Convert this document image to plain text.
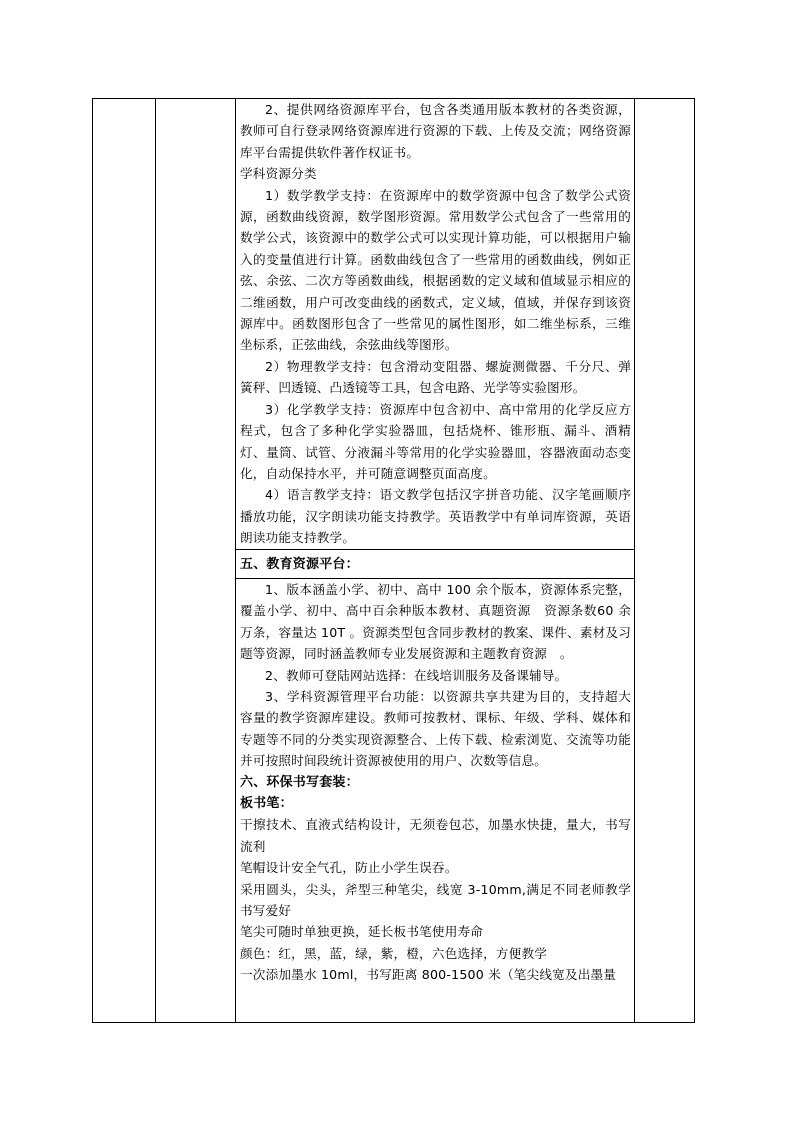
2、提供网络资源库平台，包含各类通用版本教材的各类资源，教师可自行登录网络资源库进行资源的下载、上传及交流；网络资源库平台需提供软件著作权证书。

学科资源分类

1）数学教学支持：在资源库中的数学资源中包含了数学公式资源，函数曲线资源，数学图形资源。常用数学公式包含了一些常用的数学公式，该资源中的数学公式可以实现计算功能，可以根据用户输入的变量值进行计算。函数曲线包含了一些常用的函数曲线，例如正弦、余弦、二次方等函数曲线，根据函数的定义域和值域显示相应的二维函数，用户可改变曲线的函数式，定义域，值域，并保存到该资源库中。函数图形包含了一些常见的属性图形，如二维坐标系，三维坐标系，正弦曲线，余弦曲线等图形。

2）物理教学支持：包含滑动变阻器、螺旋测微器、千分尺、弹簧秤、凹透镜、凸透镜等工具，包含电路、光学等实验图形。

3）化学教学支持：资源库中包含初中、高中常用的化学反应方程式，包含了多种化学实验器皿，包括烧杯、锥形瓶、漏斗、酒精灯、量筒、试管、分液漏斗等常用的化学实验器皿，容器液面动态变化，自动保持水平，并可随意调整页面高度。

4）语言教学支持：语文教学包括汉字拼音功能、汉字笔画顺序播放功能，汉字朗读功能支持教学。英语教学中有单词库资源，英语朗读功能支持教学。

五、教育资源平台：

1、版本涵盖小学、初中、高中 100 余个版本，资源体系完整，覆盖小学、初中、高中百余种版本教材、真题资源　资源条数60 余万条，容量达 10T 。资源类型包含同步教材的教案、课件、素材及习题等资源，同时涵盖教师专业发展资源和主题教育资源　。

2、教师可登陆网站选择：在线培训服务及备课辅导。

3、学科资源管理平台功能：以资源共享共建为目的，支持超大容量的教学资源库建设。教师可按教材、课标、年级、学科、媒体和专题等不同的分类实现资源整合、上传下载、检索浏览、交流等功能 并可按照时间段统计资源被使用的用户、次数等信息。

六、环保书写套装：

板书笔：

干擦技术、直液式结构设计，无须卷包芯，加墨水快捷，量大，书写流利

笔帽设计安全气孔，防止小学生误吞。

采用圆头，尖头，斧型三种笔尖，线宽 3-10mm,满足不同老师教学书写爱好

笔尖可随时单独更换，延长板书笔使用寿命

颜色：红，黑，蓝，绿，紫，橙，六色选择，方便教学

一次添加墨水 10ml，书写距离 800-1500 米（笔尖线宽及出墨量
